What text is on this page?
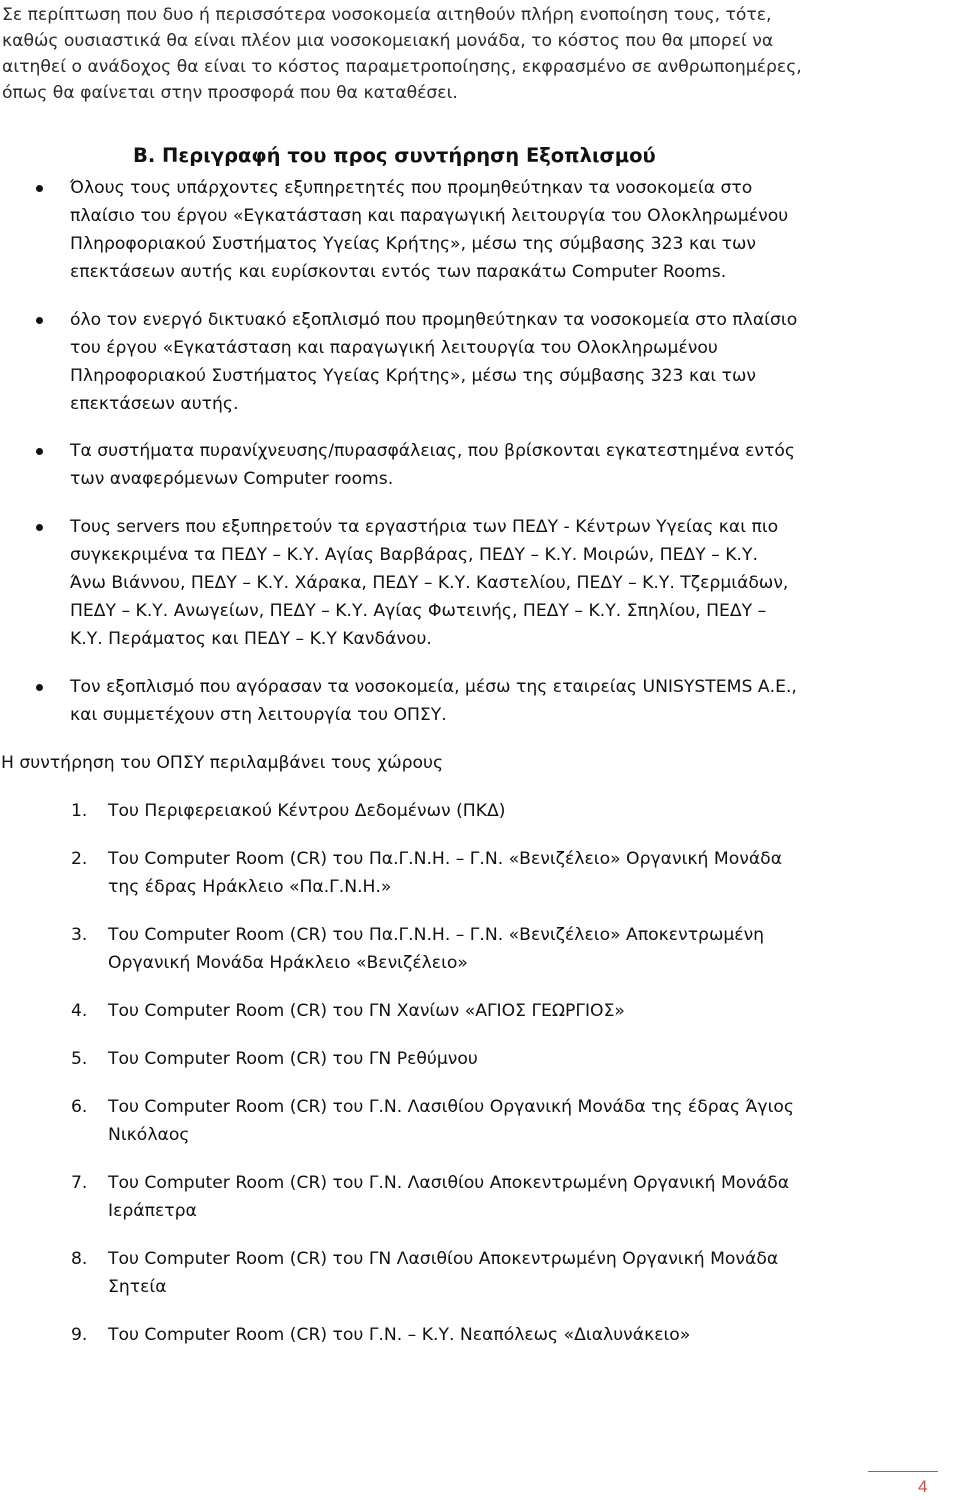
Σε περίπτωση που δυο ή περισσότερα νοσοκομεία αιτηθούν πλήρη ενοποίηση τους, τότε,
καθώς ουσιαστικά θα είναι πλέον μια νοσοκομειακή μονάδα, το κόστος που θα μπορεί να
αιτηθεί ο ανάδοχος θα είναι το κόστος παραμετροποίησης, εκφρασμένο σε ανθρωποημέρες,
όπως θα φαίνεται στην προσφορά που θα καταθέσει.
Β. Περιγραφή του προς συντήρηση Εξοπλισμού
Όλους τους υπάρχοντες εξυπηρετητές που προμηθεύτηκαν τα νοσοκομεία στο
πλαίσιο του έργου «Εγκατάσταση και παραγωγική λειτουργία του Ολοκληρωμένου
Πληροφοριακού Συστήματος Υγείας Κρήτης», μέσω της σύμβασης 323 και των
επεκτάσεων αυτής και ευρίσκονται εντός των παρακάτω Computer Rooms.
όλο τον ενεργό δικτυακό εξοπλισμό που προμηθεύτηκαν τα νοσοκομεία στο πλαίσιο
του έργου «Εγκατάσταση και παραγωγική λειτουργία του Ολοκληρωμένου
Πληροφοριακού Συστήματος Υγείας Κρήτης», μέσω της σύμβασης 323 και των
επεκτάσεων αυτής.
Τα συστήματα πυρανίχνευσης/πυρασφάλειας, που βρίσκονται εγκατεστημένα εντός
των αναφερόμενων Computer rooms.
Τους servers που εξυπηρετούν τα εργαστήρια των ΠΕΔΥ - Κέντρων Υγείας και πιο
συγκεκριμένα τα ΠΕΔΥ – Κ.Υ. Αγίας Βαρβάρας, ΠΕΔΥ – Κ.Υ. Μοιρών, ΠΕΔΥ – Κ.Υ.
Άνω Βιάννου, ΠΕΔΥ – Κ.Υ. Χάρακα, ΠΕΔΥ – Κ.Υ. Καστελίου, ΠΕΔΥ – Κ.Υ. Τζερμιάδων,
ΠΕΔΥ – Κ.Υ. Ανωγείων, ΠΕΔΥ – Κ.Υ. Αγίας Φωτεινής, ΠΕΔΥ – Κ.Υ. Σπηλίου, ΠΕΔΥ –
Κ.Υ. Περάματος και ΠΕΔΥ – Κ.Υ Κανδάνου.
Τον εξοπλισμό που αγόρασαν τα νοσοκομεία, μέσω της εταιρείας UNISYSTEMS Α.Ε.,
και συμμετέχουν στη λειτουργία του ΟΠΣΥ.
Η συντήρηση του ΟΠΣΥ περιλαμβάνει τους χώρους
1. Του Περιφερειακού Κέντρου Δεδομένων (ΠΚΔ)
2. Του Computer Room (CR) του Πα.Γ.Ν.Η. – Γ.Ν. «Βενιζέλειο» Οργανική Μονάδα
της έδρας Ηράκλειο «Πα.Γ.Ν.Η.»
3. Του Computer Room (CR) του Πα.Γ.Ν.Η. – Γ.Ν. «Βενιζέλειο» Αποκεντρωμένη
Οργανική Μονάδα Ηράκλειο «Βενιζέλειο»
4. Του Computer Room (CR) του ΓΝ Χανίων «ΑΓΙΟΣ ΓΕΩΡΓΙΟΣ»
5. Του Computer Room (CR) του ΓΝ Ρεθύμνου
6. Του Computer Room (CR) του Γ.Ν. Λασιθίου Οργανική Μονάδα της έδρας Άγιος
Νικόλαος
7. Του Computer Room (CR) του Γ.Ν. Λασιθίου Αποκεντρωμένη Οργανική Μονάδα
Ιεράπετρα
8. Του Computer Room (CR) του ΓΝ Λασιθίου Αποκεντρωμένη Οργανική Μονάδα
Σητεία
9. Του Computer Room (CR) του Γ.Ν. – Κ.Υ. Νεαπόλεως «Διαλυνάκειο»
4
